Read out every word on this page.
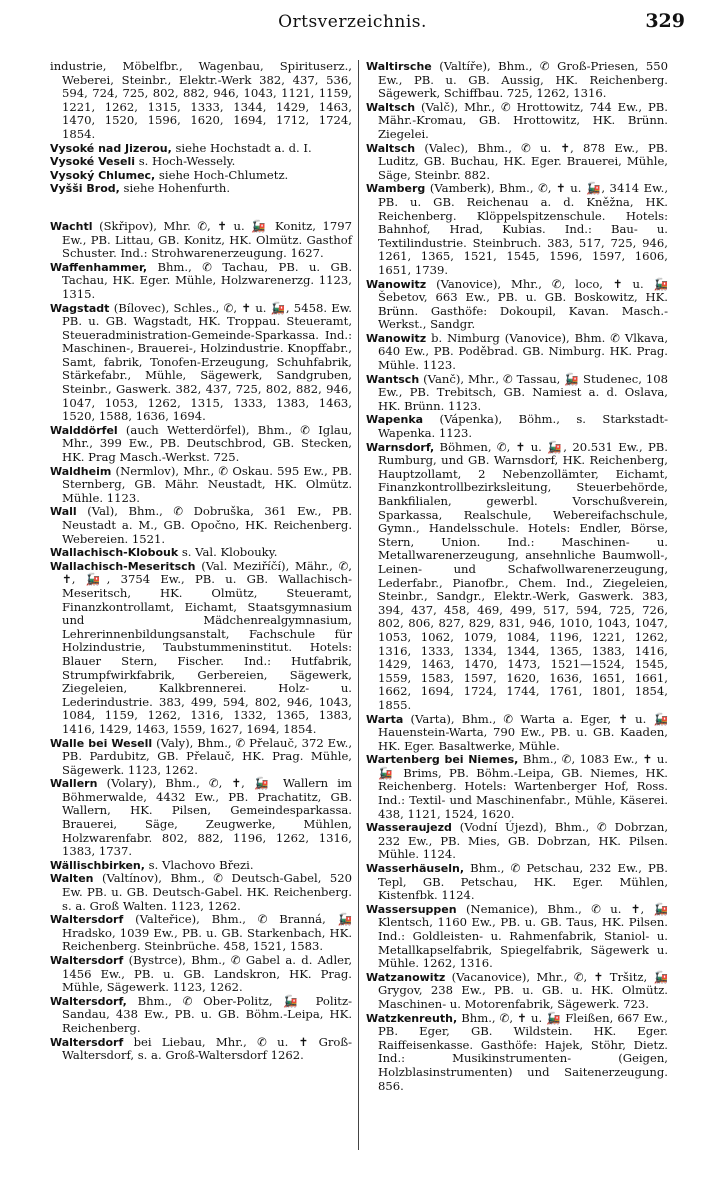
Ortsverzeichnis.	329
industrie, Möbelfbr., Wagenbau, Spirituserz., Weberei, Steinbr., Elektr.-Werk 382, 437, 536, 594, 724, 725, 802, 882, 946, 1043, 1121, 1159, 1221, 1262, 1315, 1333, 1344, 1429, 1463, 1470, 1520, 1596, 1620, 1694, 1712, 1724, 1854.
Vysoké nad Jizerou, siehe Hochstadt a. d. I.
Vysoké Veseli s. Hoch-Wessely.
Vysoký Chlumec, siehe Hoch-Chlumetz.
Vyšši Brod, siehe Hohenfurth.
Wachtl (Skřipov), Mhr. ✆, ✝ u. 🚂 Konitz, 1797 Ew., PB. Littau, GB. Konitz, HK. Olmütz. Gasthof Schuster. Ind.: Strohwarenerzeugung. 1627.
Waffenhammer, Bhm., ✆ Tachau, PB. u. GB. Tachau, HK. Eger. Mühle, Holzwarenerzg. 1123, 1315.
Wagstadt (Bílovec), Schles., ✆, ✝ u. 🚂, 5458. Ew. PB. u. GB. Wagstadt, HK. Troppau. Steueramt, Steueradministration-Gemeinde-Sparkassa. Ind.: Maschinen-, Brauerei-, Holzindustrie. Knopffabr., Samt, fabrik, Tonofen-Erzeugung, Schuhfabrik, Stärkefabr., Mühle, Sägewerk, Sandgruben, Steinbr., Gaswerk. 382, 437, 725, 802, 882, 946, 1047, 1053, 1262, 1315, 1333, 1383, 1463, 1520, 1588, 1636, 1694.
Walddörfel (auch Wetterdörfel), Bhm., ✆ Iglau, Mhr., 399 Ew., PB. Deutschbrod, GB. Stecken, HK. Prag Masch.-Werkst. 725.
Waldheim (Nermlov), Mhr., ✆ Oskau. 595 Ew., PB. Sternberg, GB. Mähr. Neustadt, HK. Olmütz. Mühle. 1123.
Wall (Val), Bhm., ✆ Dobruška, 361 Ew., PB. Neustadt a. M., GB. Opočno, HK. Reichenberg. Webereien. 1521.
Wallachisch-Klobouk s. Val. Klobouky.
Wallachisch-Meseritsch (Val. Meziříčí), Mähr., ✆, ✝, 🚂, 3754 Ew., PB. u. GB. Wallachisch-Meseritsch, HK. Olmütz, Steueramt, Finanzkontrollamt, Eichamt, Staatsgymnasium und Mädchenrealgymnasium, Lehrerinnenbildungsanstalt, Fachschule für Holzindustrie, Taubstummeninstitut. Hotels: Blauer Stern, Fischer. Ind.: Hutfabrik, Strumpfwirkfabrik, Gerbereien, Sägewerk, Ziegeleien, Kalkbrennerei. Holz- u. Lederindustrie. 383, 499, 594, 802, 946, 1043, 1084, 1159, 1262, 1316, 1332, 1365, 1383, 1416, 1429, 1463, 1559, 1627, 1694, 1854.
Walle bei Wesell (Valy), Bhm., ✆ Přelauč, 372 Ew., PB. Pardubitz, GB. Přelauč, HK. Prag. Mühle, Sägewerk. 1123, 1262.
Wallern (Volary), Bhm., ✆, ✝, 🚂 Wallern im Böhmerwalde, 4432 Ew., PB. Prachatitz, GB. Wallern, HK. Pilsen, Gemeindesparkassa. Brauerei, Säge, Zeugwerke, Mühlen, Holzwarenfabr. 802, 882, 1196, 1262, 1316, 1383, 1737.
Wällischbirken, s. Vlachovo Březi.
Walten (Valtínov), Bhm., ✆ Deutsch-Gabel, 520 Ew. PB. u. GB. Deutsch-Gabel. HK. Reichenberg. s. a. Groß Walten. 1123, 1262.
Waltersdorf (Valteřice), Bhm., ✆ Branná, 🚂 Hradsko, 1039 Ew., PB. u. GB. Starkenbach, HK. Reichenberg. Steinbrüche. 458, 1521, 1583.
Waltersdorf (Bystrce), Bhm., ✆ Gabel a. d. Adler, 1456 Ew., PB. u. GB. Landskron, HK. Prag. Mühle, Sägewerk. 1123, 1262.
Waltersdorf, Bhm., ✆ Ober-Politz, 🚂 Politz-Sandau, 438 Ew., PB. u. GB. Böhm.-Leipa, HK. Reichenberg.
Waltersdorf bei Liebau, Mhr., ✆ u. ✝ Groß-Waltersdorf, s. a. Groß-Waltersdorf 1262.
Waltirsche (Valtíře), Bhm., ✆ Groß-Priesen, 550 Ew., PB. u. GB. Aussig, HK. Reichenberg. Sägewerk, Schiffbau. 725, 1262, 1316.
Waltsch (Valč), Mhr., ✆ Hrottowitz, 744 Ew., PB. Mähr.-Kromau, GB. Hrottowitz, HK. Brünn. Ziegelei.
Waltsch (Valec), Bhm., ✆ u. ✝, 878 Ew., PB. Luditz, GB. Buchau, HK. Eger. Brauerei, Mühle, Säge, Steinbr. 882.
Wamberg (Vamberk), Bhm., ✆, ✝ u. 🚂, 3414 Ew., PB. u. GB. Reichenau a. d. Kněžna, HK. Reichenberg. Klöppelspitzenschule. Hotels: Bahnhof, Hrad, Kubias. Ind.: Bau- u. Textilindustrie. Steinbruch. 383, 517, 725, 946, 1261, 1365, 1521, 1545, 1596, 1597, 1606, 1651, 1739.
Wanowitz (Vanovice), Mhr., ✆, loco, ✝ u. 🚂 Šebetov, 663 Ew., PB. u. GB. Boskowitz, HK. Brünn. Gasthöfe: Dokoupil, Kavan. Masch.-Werkst., Sandgr.
Wanowitz b. Nimburg (Vanovice), Bhm. ✆ Vlkava, 640 Ew., PB. Poděbrad. GB. Nimburg. HK. Prag. Mühle. 1123.
Wantsch (Vanč), Mhr., ✆ Tassau, 🚂 Studenec, 108 Ew., PB. Trebitsch, GB. Namiest a. d. Oslava, HK. Brünn. 1123.
Wapenka (Vápenka), Böhm., s. Starkstadt-Wapenka. 1123.
Warnsdorf, Böhmen, ✆, ✝ u. 🚂, 20.531 Ew., PB. Rumburg, und GB. Warnsdorf, HK. Reichenberg, Hauptzollamt, 2 Nebenzollämter, Eichamt, Finanzkontrollbezirksleitung, Steuerbehörde, Bankfilialen, gewerbl. Vorschußverein, Sparkassa, Realschule, Webereifachschule, Gymn., Handelsschule. Hotels: Endler, Börse, Stern, Union. Ind.: Maschinen- u. Metallwarenerzeugung, ansehnliche Baumwoll-, Leinen- und Schafwollwarenerzeugung, Lederfabr., Pianofbr., Chem. Ind., Ziegeleien, Steinbr., Sandgr., Elektr.-Werk, Gaswerk. 383, 394, 437, 458, 469, 499, 517, 594, 725, 726, 802, 806, 827, 829, 831, 946, 1010, 1043, 1047, 1053, 1062, 1079, 1084, 1196, 1221, 1262, 1316, 1333, 1334, 1344, 1365, 1383, 1416, 1429, 1463, 1470, 1473, 1521—1524, 1545, 1559, 1583, 1597, 1620, 1636, 1651, 1661, 1662, 1694, 1724, 1744, 1761, 1801, 1854, 1855.
Warta (Varta), Bhm., ✆ Warta a. Eger, ✝ u. 🚂 Hauenstein-Warta, 790 Ew., PB. u. GB. Kaaden, HK. Eger. Basaltwerke, Mühle.
Wartenberg bei Niemes, Bhm., ✆, 1083 Ew., ✝ u. 🚂 Brims, PB. Böhm.-Leipa, GB. Niemes, HK. Reichenberg. Hotels: Wartenberger Hof, Ross. Ind.: Textil- und Maschinenfabr., Mühle, Käserei. 438, 1121, 1524, 1620.
Wasseraujezd (Vodní Újezd), Bhm., ✆ Dobrzan, 232 Ew., PB. Mies, GB. Dobrzan, HK. Pilsen. Mühle. 1124.
Wasserhäuseln, Bhm., ✆ Petschau, 232 Ew., PB. Tepl, GB. Petschau, HK. Eger. Mühlen, Kistenfbk. 1124.
Wassersuppen (Nemanice), Bhm., ✆ u. ✝, 🚂 Klentsch, 1160 Ew., PB. u. GB. Taus, HK. Pilsen. Ind.: Goldleisten- u. Rahmenfabrik, Staniol- u. Metallkapselfabrik, Spiegelfabrik, Sägewerk u. Mühle. 1262, 1316.
Watzanowitz (Vacanovice), Mhr., ✆, ✝ Tršitz, 🚂 Grygov, 238 Ew., PB. u. GB. u. HK. Olmütz. Maschinen- u. Motorenfabrik, Sägewerk. 723.
Watzkenreuth, Bhm., ✆, ✝ u. 🚂 Fleißen, 667 Ew., PB. Eger, GB. Wildstein. HK. Eger. Raiffeisenkasse. Gasthöfe: Hajek, Stöhr, Dietz. Ind.: Musikinstrumenten- (Geigen, Holzblasinstrumenten) und Saitenerzeugung. 856.
